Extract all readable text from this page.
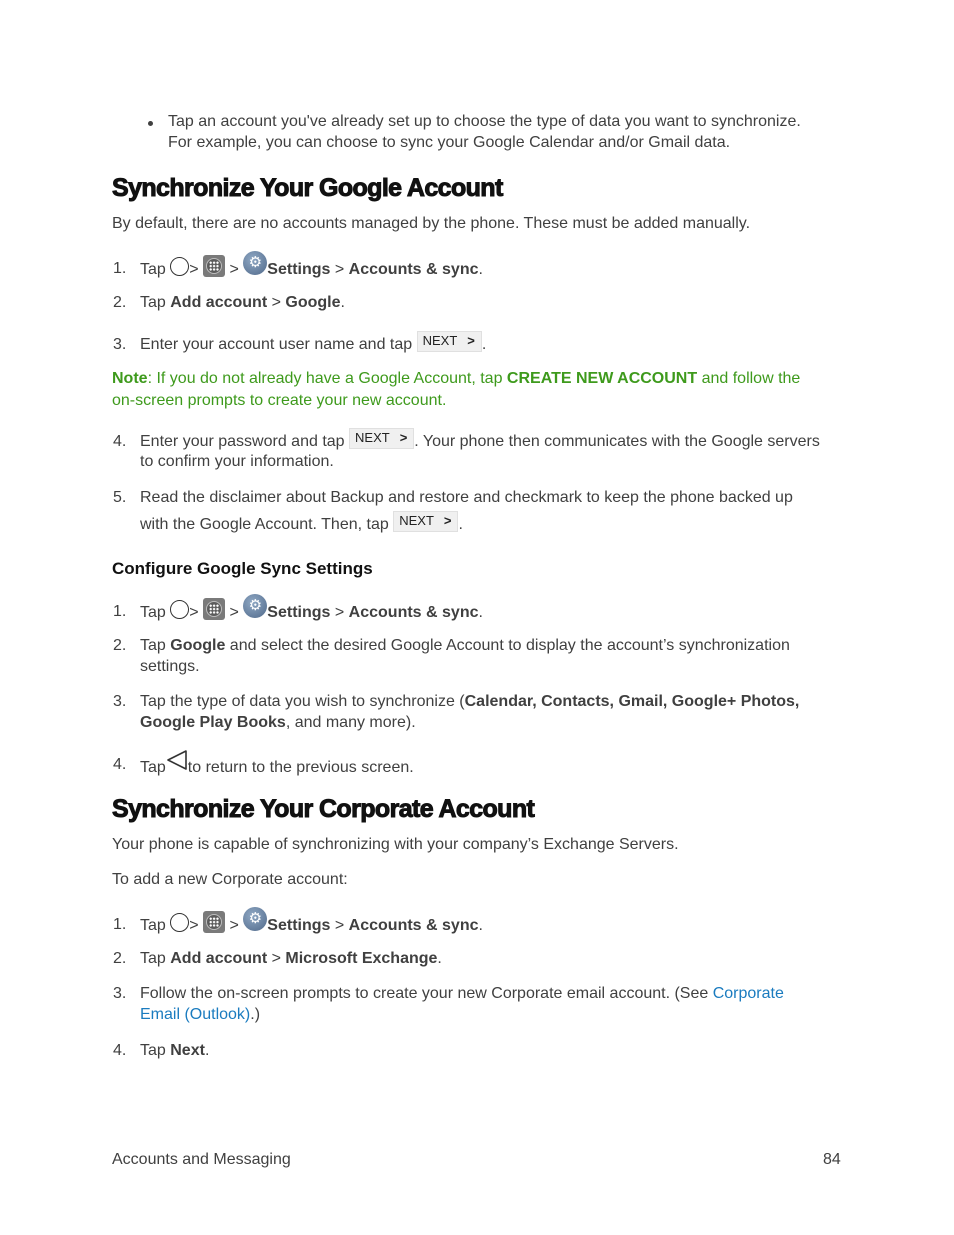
Tap an account you've already set up to choose the type of data you want to synchronize.
For example, you can choose to sync your Google Calendar and/or Gmail data.
Synchronize Your Google Account
By default, there are no accounts managed by the phone. These must be added manually.
1. Tap > > ⚙ Settings > Accounts & sync.
2. Tap Add account > Google.
3. Enter your account user name and tap NEXT > .
Note: If you do not already have a Google Account, tap CREATE NEW ACCOUNT and follow the
on-screen prompts to create your new account.
4. Enter your password and tap NEXT > . Your phone then communicates with the Google servers
to confirm your information.
5. Read the disclaimer about Backup and restore and checkmark to keep the phone backed up
with the Google Account. Then, tap NEXT > .
Configure Google Sync Settings
1. Tap > > ⚙ Settings > Accounts & sync.
2. Tap Google and select the desired Google Account to display the account’s synchronization
settings.
3. Tap the type of data you wish to synchronize (Calendar, Contacts, Gmail, Google+ Photos,
Google Play Books, and many more).
4. Tap to return to the previous screen.
Synchronize Your Corporate Account
Your phone is capable of synchronizing with your company’s Exchange Servers.
To add a new Corporate account:
1. Tap > > ⚙ Settings > Accounts & sync.
2. Tap Add account > Microsoft Exchange.
3. Follow the on-screen prompts to create your new Corporate email account. (See Corporate
Email (Outlook).)
4. Tap Next.
Accounts and Messaging	84
